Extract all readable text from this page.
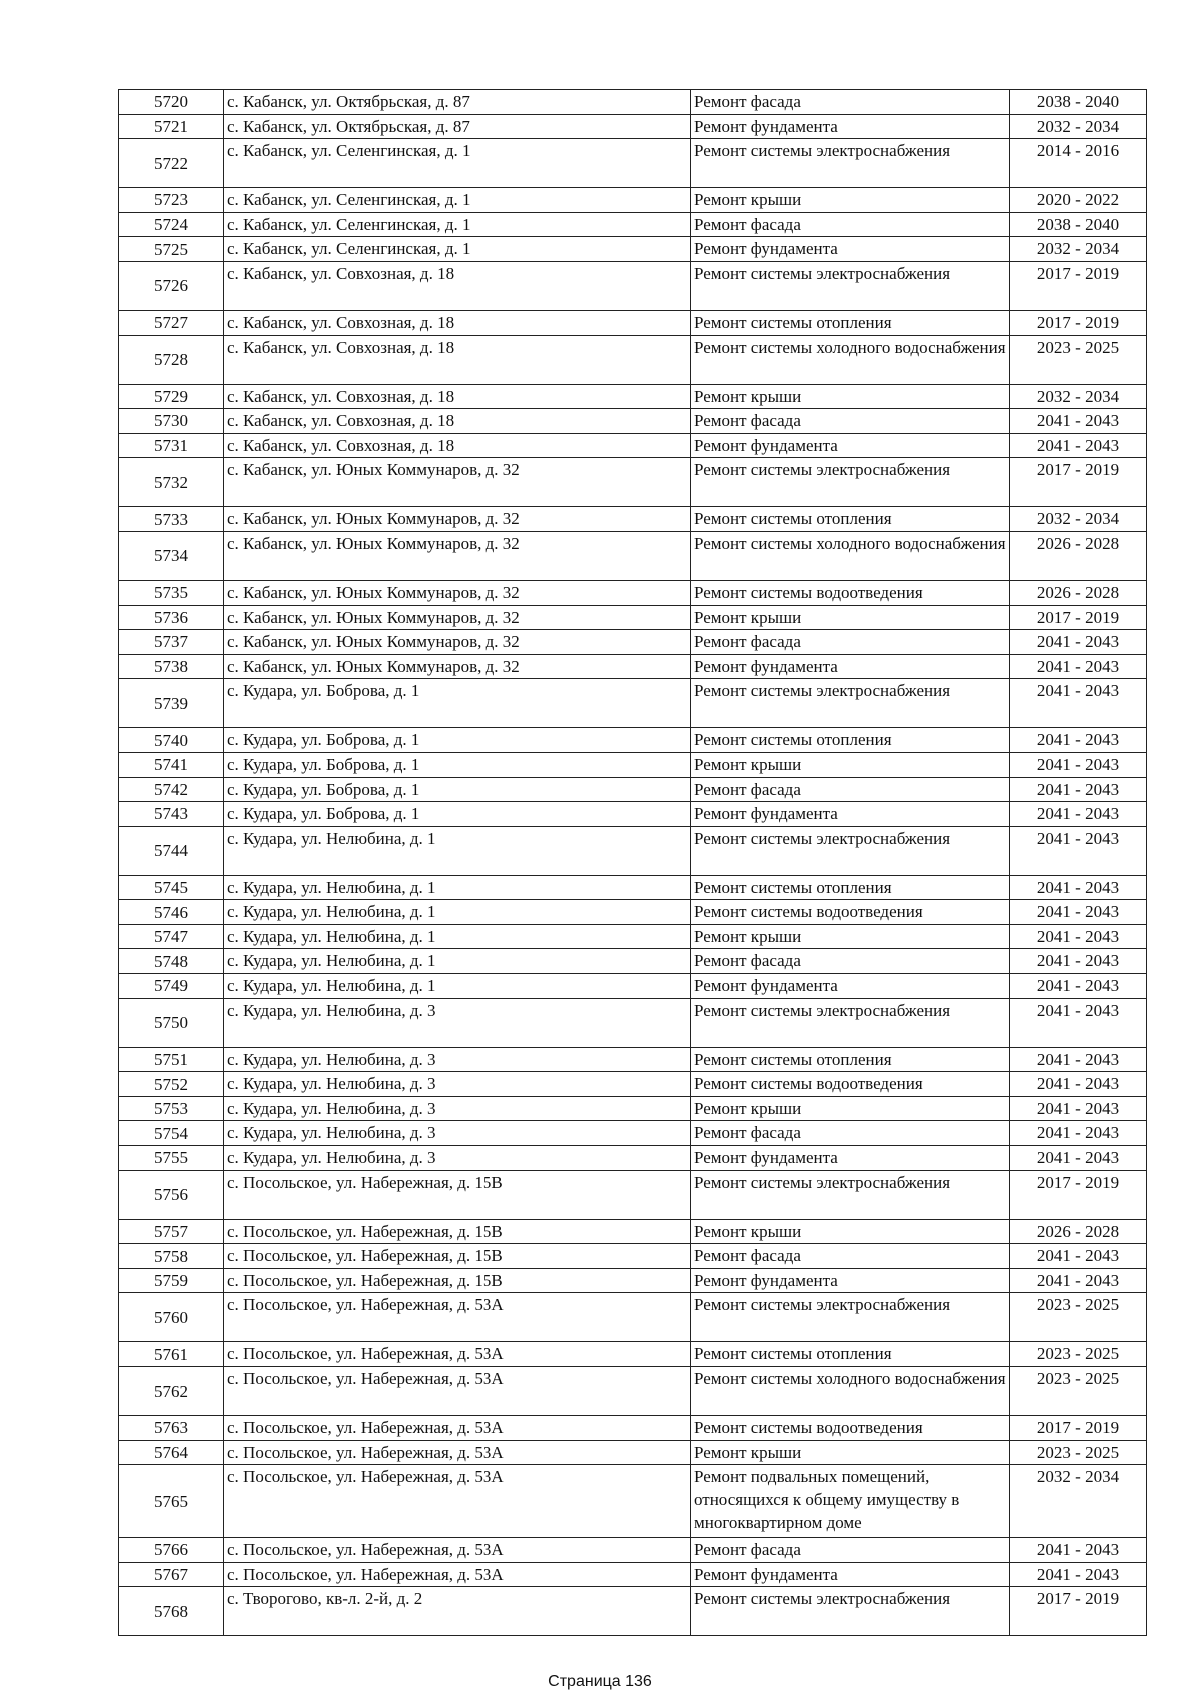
5720	с. Кабанск, ул. Октябрьская, д. 87	Ремонт фасада	2038 - 2040
5721	с. Кабанск, ул. Октябрьская, д. 87	Ремонт фундамента	2032 - 2034
5722	с. Кабанск, ул. Селенгинская, д. 1	Ремонт системы электроснабжения	2014 - 2016
5723	с. Кабанск, ул. Селенгинская, д. 1	Ремонт крыши	2020 - 2022
5724	с. Кабанск, ул. Селенгинская, д. 1	Ремонт фасада	2038 - 2040
5725	с. Кабанск, ул. Селенгинская, д. 1	Ремонт фундамента	2032 - 2034
5726	с. Кабанск, ул. Совхозная, д. 18	Ремонт системы электроснабжения	2017 - 2019
5727	с. Кабанск, ул. Совхозная, д. 18	Ремонт системы отопления	2017 - 2019
5728	с. Кабанск, ул. Совхозная, д. 18	Ремонт системы холодного водоснабжения	2023 - 2025
5729	с. Кабанск, ул. Совхозная, д. 18	Ремонт крыши	2032 - 2034
5730	с. Кабанск, ул. Совхозная, д. 18	Ремонт фасада	2041 - 2043
5731	с. Кабанск, ул. Совхозная, д. 18	Ремонт фундамента	2041 - 2043
5732	с. Кабанск, ул. Юных Коммунаров, д. 32	Ремонт системы электроснабжения	2017 - 2019
5733	с. Кабанск, ул. Юных Коммунаров, д. 32	Ремонт системы отопления	2032 - 2034
5734	с. Кабанск, ул. Юных Коммунаров, д. 32	Ремонт системы холодного водоснабжения	2026 - 2028
5735	с. Кабанск, ул. Юных Коммунаров, д. 32	Ремонт системы водоотведения	2026 - 2028
5736	с. Кабанск, ул. Юных Коммунаров, д. 32	Ремонт крыши	2017 - 2019
5737	с. Кабанск, ул. Юных Коммунаров, д. 32	Ремонт фасада	2041 - 2043
5738	с. Кабанск, ул. Юных Коммунаров, д. 32	Ремонт фундамента	2041 - 2043
5739	с. Кудара, ул. Боброва, д. 1	Ремонт системы электроснабжения	2041 - 2043
5740	с. Кудара, ул. Боброва, д. 1	Ремонт системы отопления	2041 - 2043
5741	с. Кудара, ул. Боброва, д. 1	Ремонт крыши	2041 - 2043
5742	с. Кудара, ул. Боброва, д. 1	Ремонт фасада	2041 - 2043
5743	с. Кудара, ул. Боброва, д. 1	Ремонт фундамента	2041 - 2043
5744	с. Кудара, ул. Нелюбина, д. 1	Ремонт системы электроснабжения	2041 - 2043
5745	с. Кудара, ул. Нелюбина, д. 1	Ремонт системы отопления	2041 - 2043
5746	с. Кудара, ул. Нелюбина, д. 1	Ремонт системы водоотведения	2041 - 2043
5747	с. Кудара, ул. Нелюбина, д. 1	Ремонт крыши	2041 - 2043
5748	с. Кудара, ул. Нелюбина, д. 1	Ремонт фасада	2041 - 2043
5749	с. Кудара, ул. Нелюбина, д. 1	Ремонт фундамента	2041 - 2043
5750	с. Кудара, ул. Нелюбина, д. 3	Ремонт системы электроснабжения	2041 - 2043
5751	с. Кудара, ул. Нелюбина, д. 3	Ремонт системы отопления	2041 - 2043
5752	с. Кудара, ул. Нелюбина, д. 3	Ремонт системы водоотведения	2041 - 2043
5753	с. Кудара, ул. Нелюбина, д. 3	Ремонт крыши	2041 - 2043
5754	с. Кудара, ул. Нелюбина, д. 3	Ремонт фасада	2041 - 2043
5755	с. Кудара, ул. Нелюбина, д. 3	Ремонт фундамента	2041 - 2043
5756	с. Посольское, ул. Набережная, д. 15В	Ремонт системы электроснабжения	2017 - 2019
5757	с. Посольское, ул. Набережная, д. 15В	Ремонт крыши	2026 - 2028
5758	с. Посольское, ул. Набережная, д. 15В	Ремонт фасада	2041 - 2043
5759	с. Посольское, ул. Набережная, д. 15В	Ремонт фундамента	2041 - 2043
5760	с. Посольское, ул. Набережная, д. 53А	Ремонт системы электроснабжения	2023 - 2025
5761	с. Посольское, ул. Набережная, д. 53А	Ремонт системы отопления	2023 - 2025
5762	с. Посольское, ул. Набережная, д. 53А	Ремонт системы холодного водоснабжения	2023 - 2025
5763	с. Посольское, ул. Набережная, д. 53А	Ремонт системы водоотведения	2017 - 2019
5764	с. Посольское, ул. Набережная, д. 53А	Ремонт крыши	2023 - 2025
5765	с. Посольское, ул. Набережная, д. 53А	Ремонт подвальных помещений, относящихся к общему имуществу в многоквартирном доме	2032 - 2034
5766	с. Посольское, ул. Набережная, д. 53А	Ремонт фасада	2041 - 2043
5767	с. Посольское, ул. Набережная, д. 53А	Ремонт фундамента	2041 - 2043
5768	с. Творогово, кв-л. 2-й, д. 2	Ремонт системы электроснабжения	2017 - 2019
Страница 136
